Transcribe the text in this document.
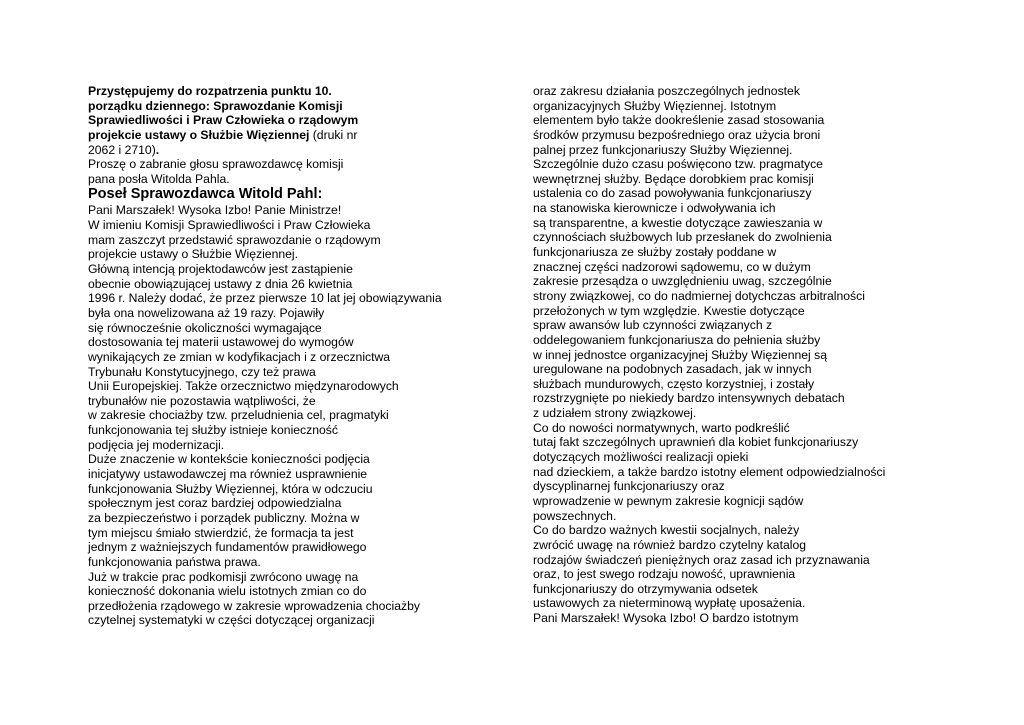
Przystępujemy do rozpatrzenia punktu 10.
porządku dziennego: Sprawozdanie Komisji
Sprawiedliwości i Praw Człowieka o rządowym
projekcie ustawy o Służbie Więziennej (druki nr
2062 i 2710).
Proszę o zabranie głosu sprawozdawcę komisji
pana posła Witolda Pahla.
Poseł Sprawozdawca Witold Pahl:
Pani Marszałek! Wysoka Izbo! Panie Ministrze!
W imieniu Komisji Sprawiedliwości i Praw Człowieka
mam zaszczyt przedstawić sprawozdanie o rządowym
projekcie ustawy o Służbie Więziennej.
Główną intencją projektodawców jest zastąpienie
obecnie obowiązującej ustawy z dnia 26 kwietnia
1996 r. Należy dodać, że przez pierwsze 10 lat jej obowiązywania
była ona nowelizowana aż 19 razy. Pojawiły
się równocześnie okoliczności wymagające
dostosowania tej materii ustawowej do wymogów
wynikających ze zmian w kodyfikacjach i z orzecznictwa
Trybunału Konstytucyjnego, czy też prawa
Unii Europejskiej. Także orzecznictwo międzynarodowych
trybunałów nie pozostawia wątpliwości, że
w zakresie chociażby tzw. przeludnienia cel, pragmatyki
funkcjonowania tej służby istnieje konieczność
podjęcia jej modernizacji.
Duże znaczenie w kontekście konieczności podjęcia
inicjatywy ustawodawczej ma również usprawnienie
funkcjonowania Służby Więziennej, która w odczuciu
społecznym jest coraz bardziej odpowiedzialna
za bezpieczeństwo i porządek publiczny. Można w
tym miejscu śmiało stwierdzić, że formacja ta jest
jednym z ważniejszych fundamentów prawidłowego
funkcjonowania państwa prawa.
Już w trakcie prac podkomisji zwrócono uwagę na
konieczność dokonania wielu istotnych zmian co do
przedłożenia rządowego w zakresie wprowadzenia chociażby
czytelnej systematyki w części dotyczącej organizacji
oraz zakresu działania poszczególnych jednostek
organizacyjnych Służby Więziennej. Istotnym
elementem było także dookreślenie zasad stosowania
środków przymusu bezpośredniego oraz użycia broni
palnej przez funkcjonariuszy Służby Więziennej.
Szczególnie dużo czasu poświęcono tzw. pragmatyce
wewnętrznej służby. Będące dorobkiem prac komisji
ustalenia co do zasad powoływania funkcjonariuszy
na stanowiska kierownicze i odwoływania ich
są transparentne, a kwestie dotyczące zawieszania w
czynnościach służbowych lub przesłanek do zwolnienia
funkcjonariusza ze służby zostały poddane w
znacznej części nadzorowi sądowemu, co w dużym
zakresie przesądza o uwzględnieniu uwag, szczególnie
strony związkowej, co do nadmiernej dotychczas arbitralności
przełożonych w tym względzie. Kwestie dotyczące
spraw awansów lub czynności związanych z
oddelegowaniem funkcjonariusza do pełnienia służby
w innej jednostce organizacyjnej Służby Więziennej są
uregulowane na podobnych zasadach, jak w innych
służbach mundurowych, często korzystniej, i zostały
rozstrzygnięte po niekiedy bardzo intensywnych debatach
z udziałem strony związkowej.
Co do nowości normatywnych, warto podkreślić
tutaj fakt szczególnych uprawnień dla kobiet funkcjonariuszy
dotyczących możliwości realizacji opieki
nad dzieckiem, a także bardzo istotny element odpowiedzialności
dyscyplinarnej funkcjonariuszy oraz
wprowadzenie w pewnym zakresie kognicji sądów
powszechnych.
Co do bardzo ważnych kwestii socjalnych, należy
zwrócić uwagę na również bardzo czytelny katalog
rodzajów świadczeń pieniężnych oraz zasad ich przyznawania
oraz, to jest swego rodzaju nowość, uprawnienia
funkcjonariuszy do otrzymywania odsetek
ustawowych za nieterminową wypłatę uposażenia.
Pani Marszałek! Wysoka Izbo! O bardzo istotnym
